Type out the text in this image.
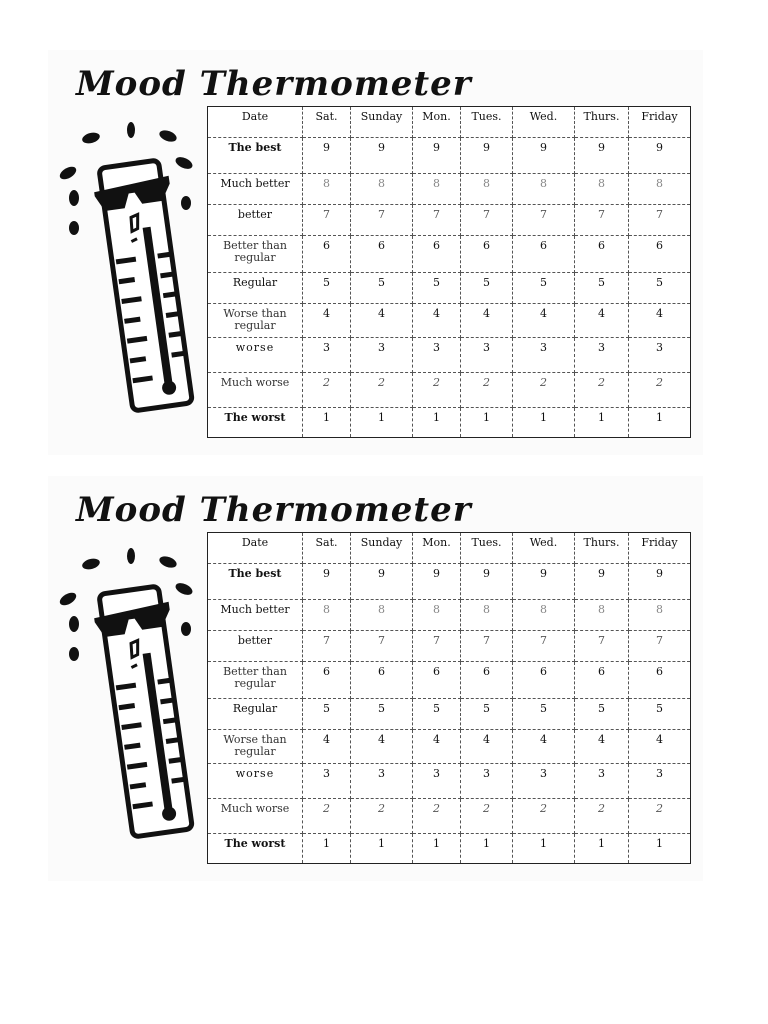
Mood Thermometer
Date	Sat.	Sunday	Mon.	Tues.	Wed.	Thurs.	Friday
The best	9	9	9	9	9	9	9
Much better	8	8	8	8	8	8	8
better	7	7	7	7	7	7	7
Better than regular	6	6	6	6	6	6	6
Regular	5	5	5	5	5	5	5
Worse than regular	4	4	4	4	4	4	4
worse	3	3	3	3	3	3	3
Much worse	2	2	2	2	2	2	2
The worst	1	1	1	1	1	1	1
Mood Thermometer
Date	Sat.	Sunday	Mon.	Tues.	Wed.	Thurs.	Friday
The best	9	9	9	9	9	9	9
Much better	8	8	8	8	8	8	8
better	7	7	7	7	7	7	7
Better than regular	6	6	6	6	6	6	6
Regular	5	5	5	5	5	5	5
Worse than regular	4	4	4	4	4	4	4
worse	3	3	3	3	3	3	3
Much worse	2	2	2	2	2	2	2
The worst	1	1	1	1	1	1	1
